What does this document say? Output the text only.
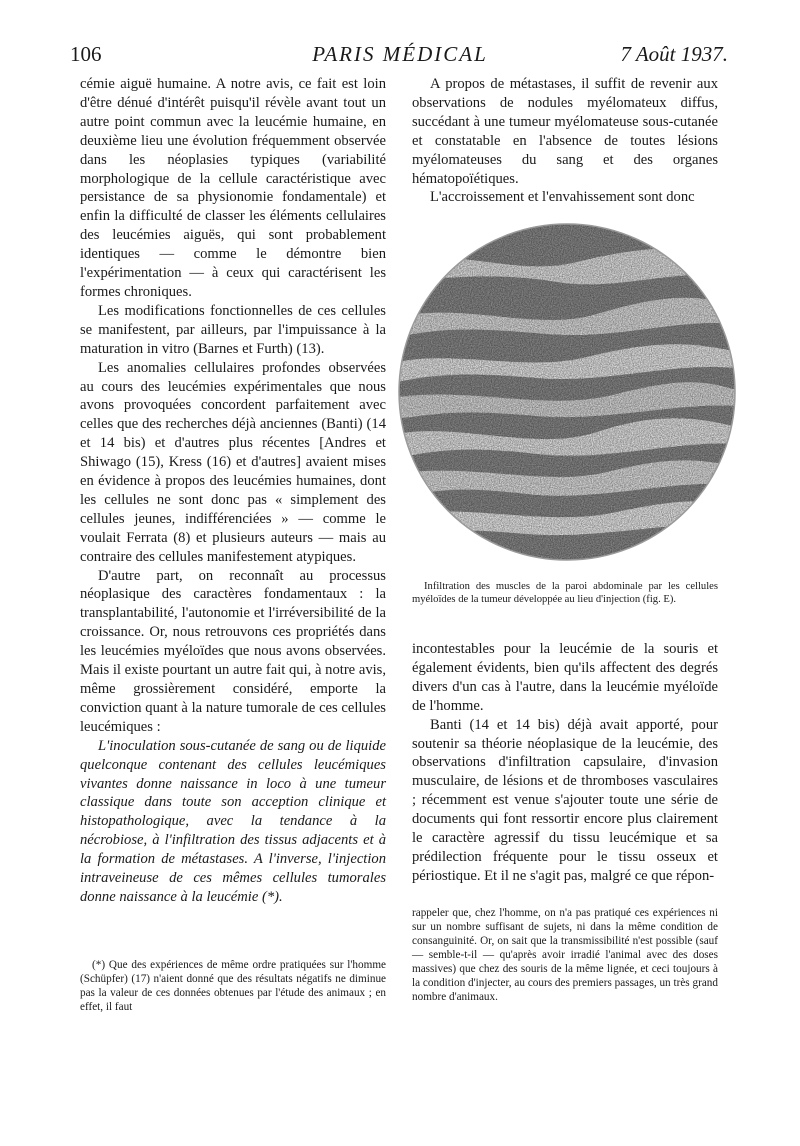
PARIS MÉDICAL
106	7 Août 1937.

cémie aiguë humaine. A notre avis, ce fait est loin d'être dénué d'intérêt puisqu'il révèle avant tout un autre point commun avec la leucémie humaine, en deuxième lieu une évolution fréquemment observée dans les néoplasies typiques (variabilité morphologique de la cellule caractéristique avec persistance de sa physionomie fondamentale) et enfin la difficulté de classer les éléments cellulaires des leucémies aiguës, qui sont probablement identiques — comme le démontre bien l'expérimentation — à ceux qui caractérisent les formes chroniques.

Les modifications fonctionnelles de ces cellules se manifestent, par ailleurs, par l'impuissance à la maturation in vitro (Barnes et Furth) (13).

Les anomalies cellulaires profondes observées au cours des leucémies expérimentales que nous avons provoquées concordent parfaitement avec celles que des recherches déjà anciennes (Banti) (14 et 14 bis) et d'autres plus récentes [Andres et Shiwago (15), Kress (16) et d'autres] avaient mises en évidence à propos des leucémies humaines, dont les cellules ne sont donc pas « simplement des cellules jeunes, indifférenciées » — comme le voulait Ferrata (8) et plusieurs auteurs — mais au contraire des cellules manifestement atypiques.

D'autre part, on reconnaît au processus néoplasique des caractères fondamentaux : la transplantabilité, l'autonomie et l'irréversibilité de la croissance. Or, nous retrouvons ces propriétés dans les leucémies myéloïdes que nous avons observées. Mais il existe pourtant un autre fait qui, à notre avis, même grossièrement considéré, emporte la conviction quant à la nature tumorale de ces cellules leucémiques :

L'inoculation sous-cutanée de sang ou de liquide quelconque contenant des cellules leucémiques vivantes donne naissance in loco à une tumeur classique dans toute son acception clinique et histopathologique, avec la tendance à la nécrobiose, à l'infiltration des tissus adjacents et à la formation de métastases. A l'inverse, l'injection intraveineuse de ces mêmes cellules tumorales donne naissance à la leucémie (*).

(*) Que des expériences de même ordre pratiquées sur l'homme (Schüpfer) (17) n'aient donné que des résultats négatifs ne diminue pas la valeur de ces données obtenues par l'étude des animaux ; en effet, il faut

A propos de métastases, il suffit de revenir aux observations de nodules myélomateux diffus, succédant à une tumeur myélomateuse sous-cutanée et constatable en l'absence de toutes lésions myélomateuses du sang et des organes hématopoïétiques.

L'accroissement et l'envahissement sont donc

Infiltration des muscles de la paroi abdominale par les cellules myéloïdes de la tumeur développée au lieu d'injection (fig. E).

incontestables pour la leucémie de la souris et également évidents, bien qu'ils affectent des degrés divers d'un cas à l'autre, dans la leucémie myéloïde de l'homme.

Banti (14 et 14 bis) déjà avait apporté, pour soutenir sa théorie néoplasique de la leucémie, des observations d'infiltration capsulaire, d'invasion musculaire, de lésions et de thromboses vasculaires ; récemment est venue s'ajouter toute une série de documents qui font ressortir encore plus clairement le caractère agressif du tissu leucémique et sa prédilection fréquente pour le tissu osseux et périostique. Et il ne s'agit pas, malgré ce que répon-

rappeler que, chez l'homme, on n'a pas pratiqué ces expériences ni sur un nombre suffisant de sujets, ni dans la même condition de consanguinité. Or, on sait que la transmissibilité n'est possible (sauf — semble-t-il — qu'après avoir irradié l'animal avec des doses massives) que chez des souris de la même lignée, et ceci toujours à la condition d'injecter, au cours des premiers passages, un très grand nombre d'animaux.
